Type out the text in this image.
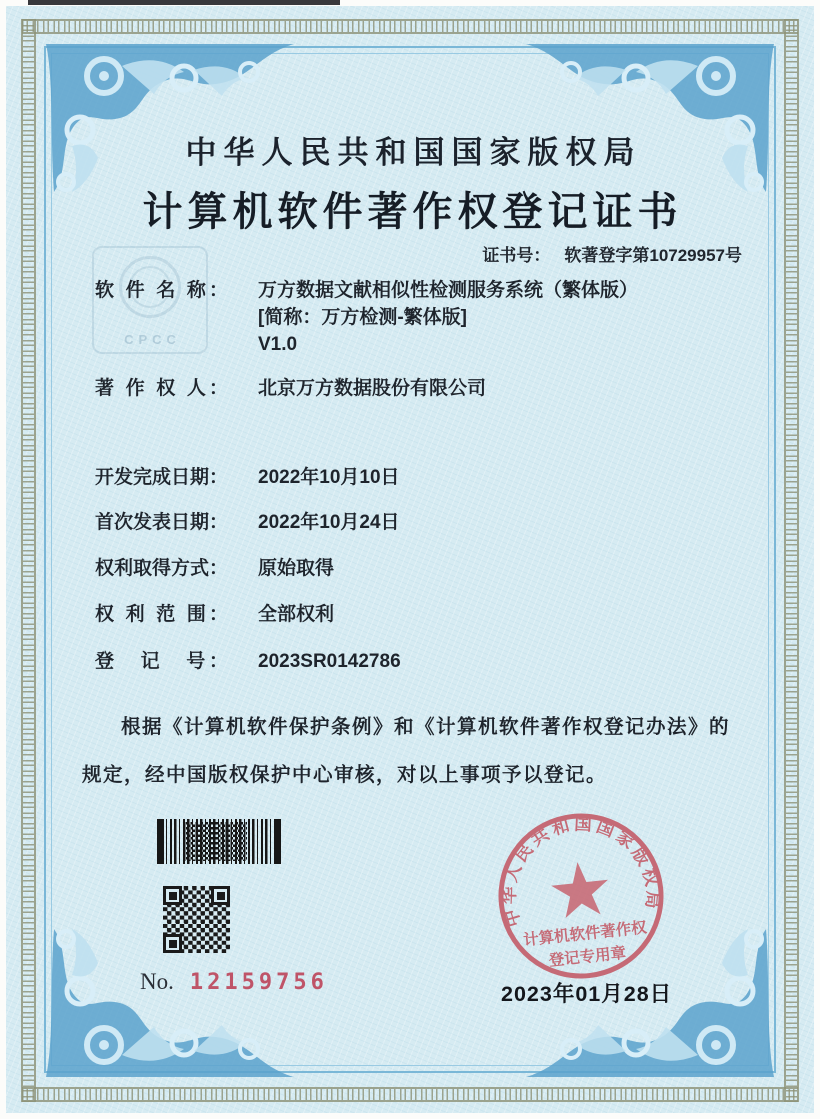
CPCC
中华人民共和国国家版权局
计算机软件著作权登记证书
证书号： 软著登字第10729957号
软 件 名 称： 万方数据文献相似性检测服务系统（繁体版）
[简称：万方检测-繁体版]
V1.0
著 作 权 人： 北京万方数据股份有限公司
开发完成日期： 2022年10月10日
首次发表日期： 2022年10月24日
权利取得方式： 原始取得
权 利 范 围： 全部权利
登　记　号： 2023SR0142786
根据《计算机软件保护条例》和《计算机软件著作权登记办法》的规定，经中国版权保护中心审核，对以上事项予以登记。
No. 12159756
中华人民共和国国家版权局
计算机软件著作权
登记专用章
2023年01月28日
